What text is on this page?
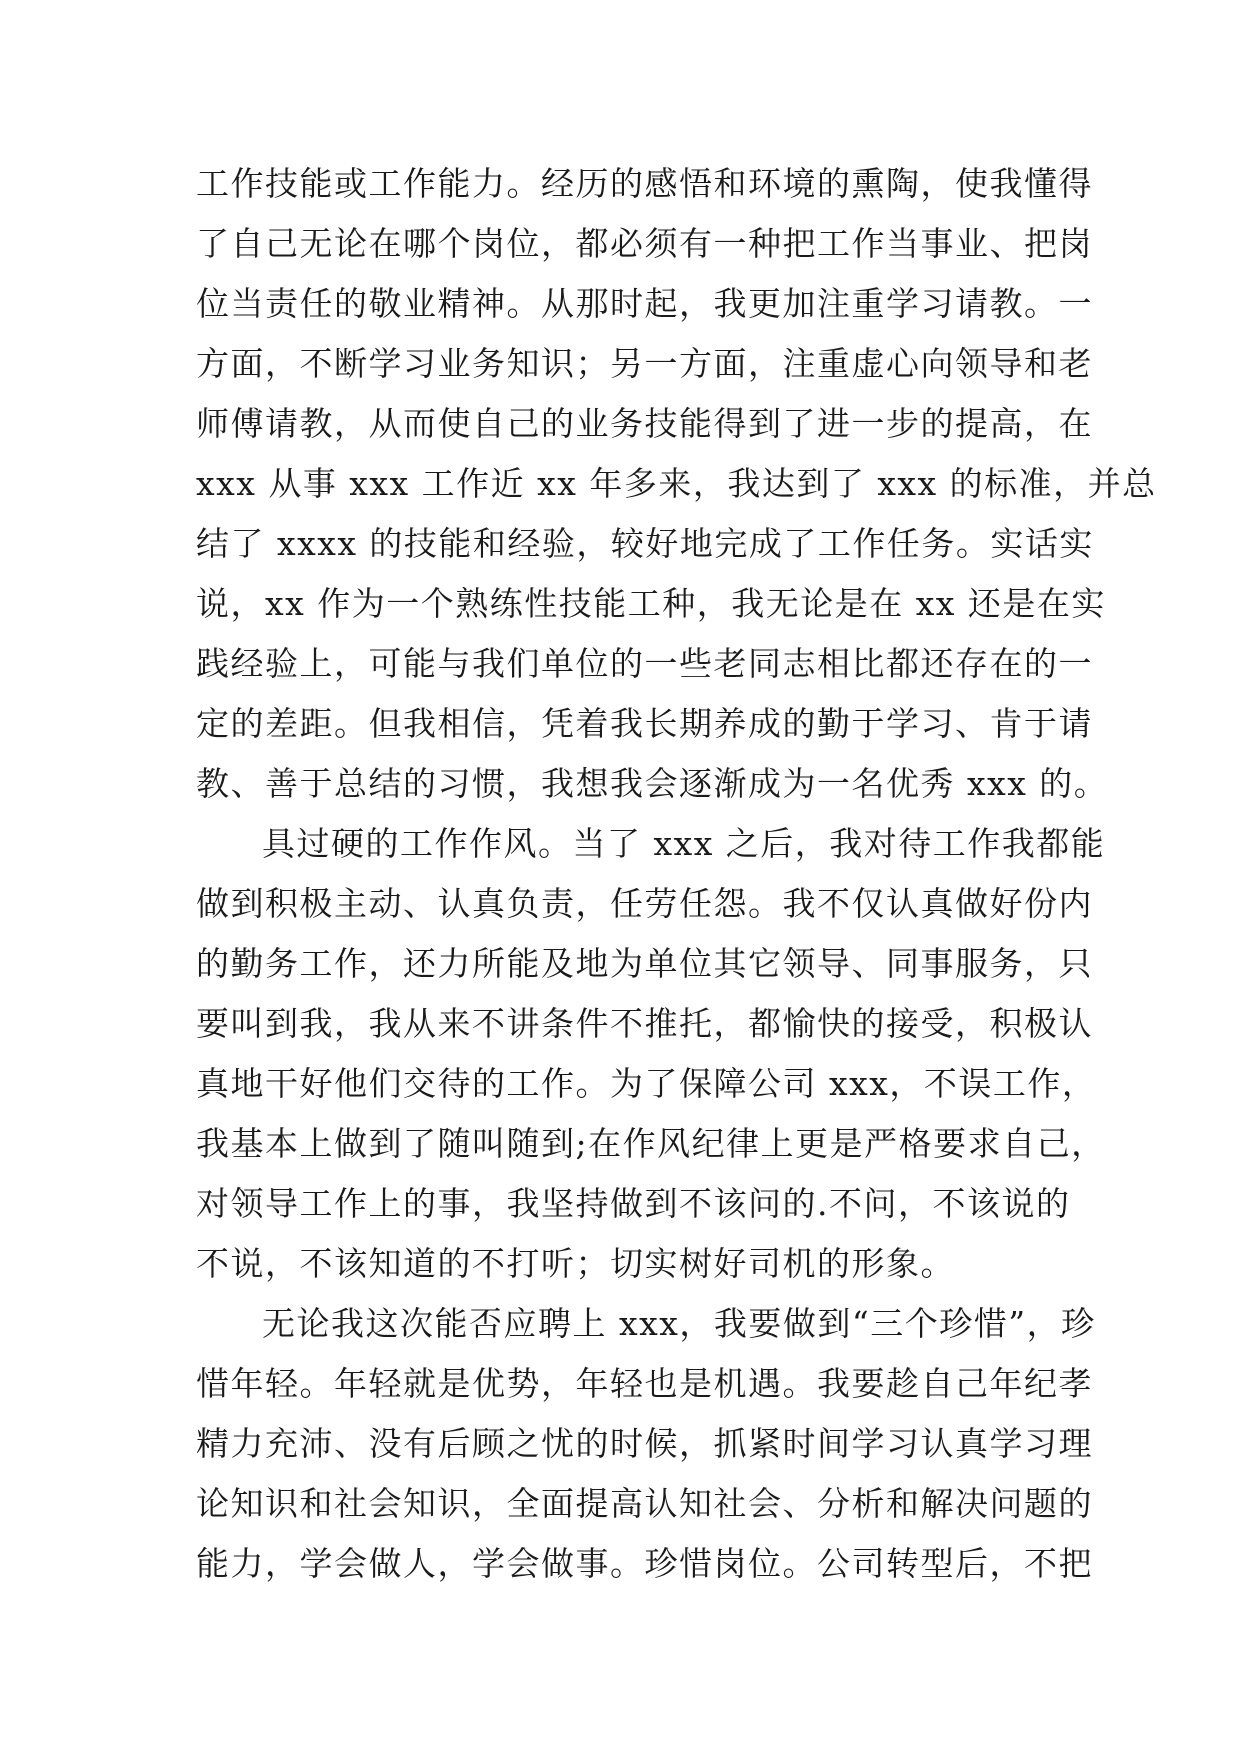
工作技能或工作能力。经历的感悟和环境的熏陶，使我懂得
了自己无论在哪个岗位，都必须有一种把工作当事业、把岗
位当责任的敬业精神。从那时起，我更加注重学习请教。一
方面，不断学习业务知识；另一方面，注重虚心向领导和老
师傅请教，从而使自己的业务技能得到了进一步的提高，在
xxx 从事 xxx 工作近 xx 年多来，我达到了 xxx 的标准，并总
结了 xxxx 的技能和经验，较好地完成了工作任务。实话实
说，xx 作为一个熟练性技能工种，我无论是在 xx 还是在实
践经验上，可能与我们单位的一些老同志相比都还存在的一
定的差距。但我相信，凭着我长期养成的勤于学习、肯于请
教、善于总结的习惯，我想我会逐渐成为一名优秀 xxx 的。
具过硬的工作作风。当了 xxx 之后，我对待工作我都能
做到积极主动、认真负责，任劳任怨。我不仅认真做好份内
的勤务工作，还力所能及地为单位其它领导、同事服务，只
要叫到我，我从来不讲条件不推托，都愉快的接受，积极认
真地干好他们交待的工作。为了保障公司 xxx，不误工作，
我基本上做到了随叫随到;在作风纪律上更是严格要求自己，
对领导工作上的事，我坚持做到不该问的.不问，不该说的
不说，不该知道的不打听；切实树好司机的形象。
无论我这次能否应聘上 xxx，我要做到“三个珍惜”，珍
惜年轻。年轻就是优势，年轻也是机遇。我要趁自己年纪孝
精力充沛、没有后顾之忧的时候，抓紧时间学习认真学习理
论知识和社会知识，全面提高认知社会、分析和解决问题的
能力，学会做人，学会做事。珍惜岗位。公司转型后，不把
